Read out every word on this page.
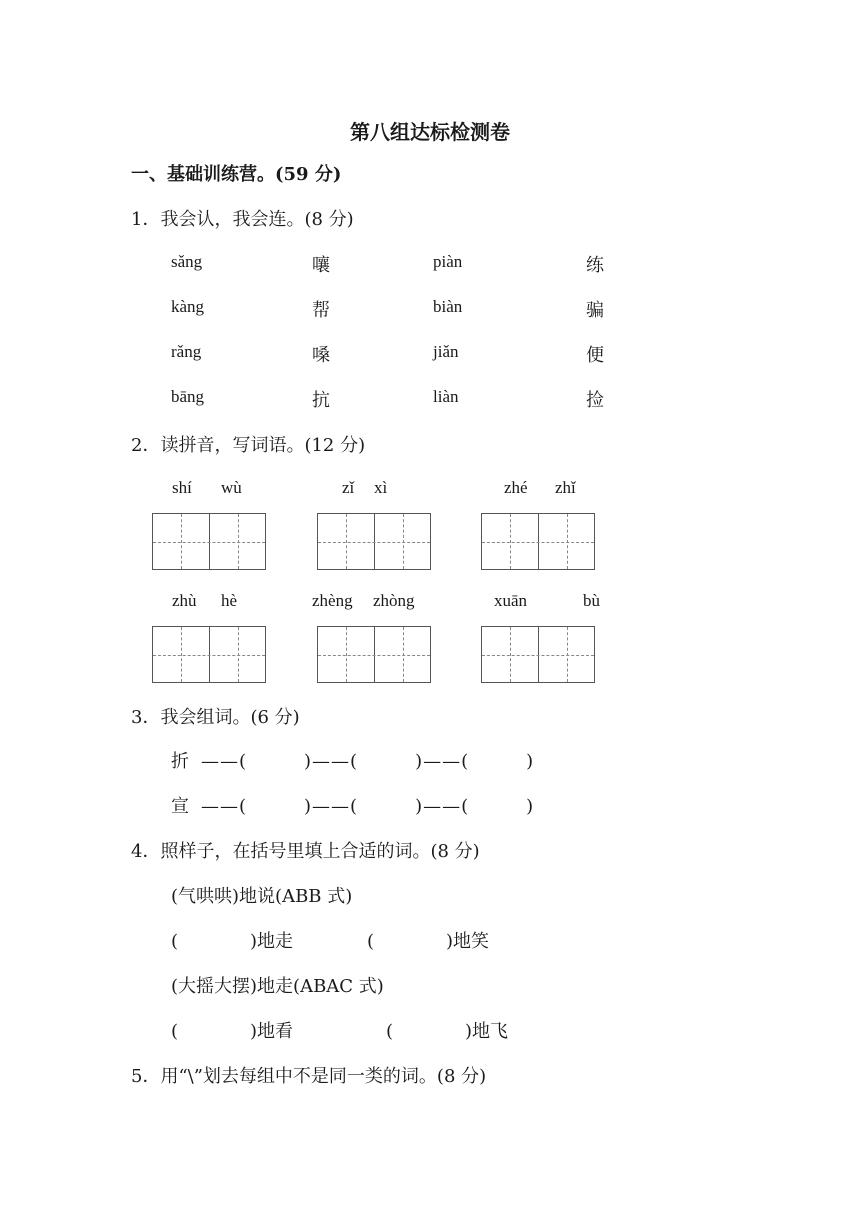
第八组达标检测卷
一、基础训练营。(59 分)
1．我会认，我会连。(8 分)
sǎng	嚷	piàn	练
kàng	帮	biàn	骗
rǎng	嗓	jiǎn	便
bāng	抗	liàn	捡
2．读拼音，写词语。(12 分)
shí wù	zǐ xì	zhé zhǐ
zhù hè	zhèng zhòng	xuān	bù
3．我会组词。(6 分)
折 ——(　　　)——(　　　)——(　　　)
宣 ——(　　　)——(　　　)——(　　　)
4．照样子，在括号里填上合适的词。(8 分)
(气哄哄)地说(ABB 式)
(　　　　)地走	(　　　　)地笑
(大摇大摆)地走(ABAC 式)
(　　　　)地看	(　　　　)地飞
5．用“\”划去每组中不是同一类的词。(8 分)
